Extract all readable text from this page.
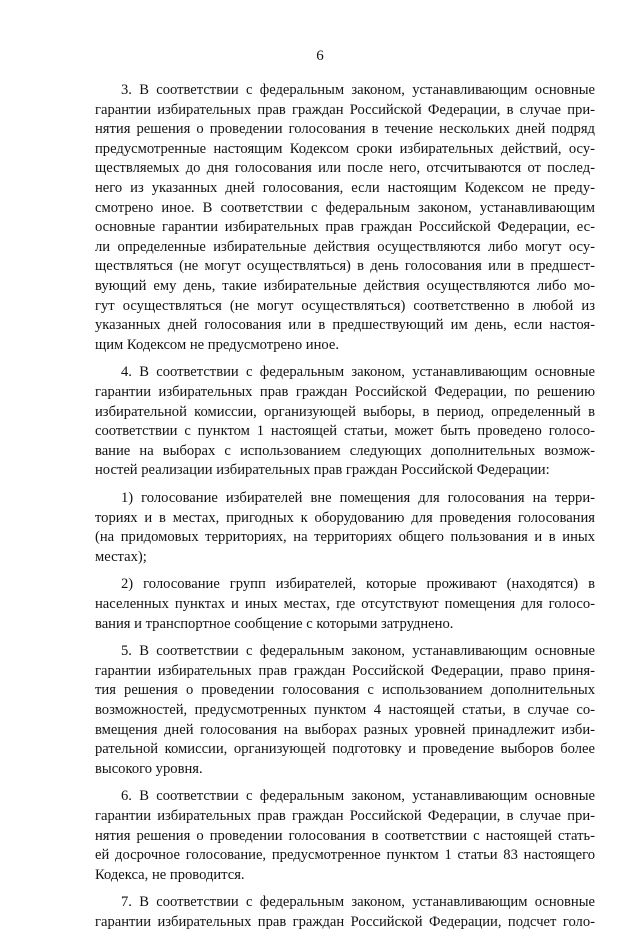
6
3. В соответствии с федеральным законом, устанавливающим основные
гарантии избирательных прав граждан Российской Федерации, в случае при-
нятия решения о проведении голосования в течение нескольких дней подряд
предусмотренные настоящим Кодексом сроки избирательных действий, осу-
ществляемых до дня голосования или после него, отсчитываются от послед-
него из указанных дней голосования, если настоящим Кодексом не преду-
смотрено иное. В соответствии с федеральным законом, устанавливающим
основные гарантии избирательных прав граждан Российской Федерации, ес-
ли определенные избирательные действия осуществляются либо могут осу-
ществляться (не могут осуществляться) в день голосования или в предшест-
вующий ему день, такие избирательные действия осуществляются либо мо-
гут осуществляться (не могут осуществляться) соответственно в любой из
указанных дней голосования или в предшествующий им день, если настоя-
щим Кодексом не предусмотрено иное.
4. В соответствии с федеральным законом, устанавливающим основные
гарантии избирательных прав граждан Российской Федерации, по решению
избирательной комиссии, организующей выборы, в период, определенный в
соответствии с пунктом 1 настоящей статьи, может быть проведено голосо-
вание на выборах с использованием следующих дополнительных возмож-
ностей реализации избирательных прав граждан Российской Федерации:
1) голосование избирателей вне помещения для голосования на терри-
ториях и в местах, пригодных к оборудованию для проведения голосования
(на придомовых территориях, на территориях общего пользования и в иных
местах);
2) голосование групп избирателей, которые проживают (находятся) в
населенных пунктах и иных местах, где отсутствуют помещения для голосо-
вания и транспортное сообщение с которыми затруднено.
5. В соответствии с федеральным законом, устанавливающим основные
гарантии избирательных прав граждан Российской Федерации, право приня-
тия решения о проведении голосования с использованием дополнительных
возможностей, предусмотренных пунктом 4 настоящей статьи, в случае со-
вмещения дней голосования на выборах разных уровней принадлежит изби-
рательной комиссии, организующей подготовку и проведение выборов более
высокого уровня.
6. В соответствии с федеральным законом, устанавливающим основные
гарантии избирательных прав граждан Российской Федерации, в случае при-
нятия решения о проведении голосования в соответствии с настоящей стать-
ей досрочное голосование, предусмотренное пунктом 1 статьи 83 настоящего
Кодекса, не проводится.
7. В соответствии с федеральным законом, устанавливающим основные
гарантии избирательных прав граждан Российской Федерации, подсчет голо-
